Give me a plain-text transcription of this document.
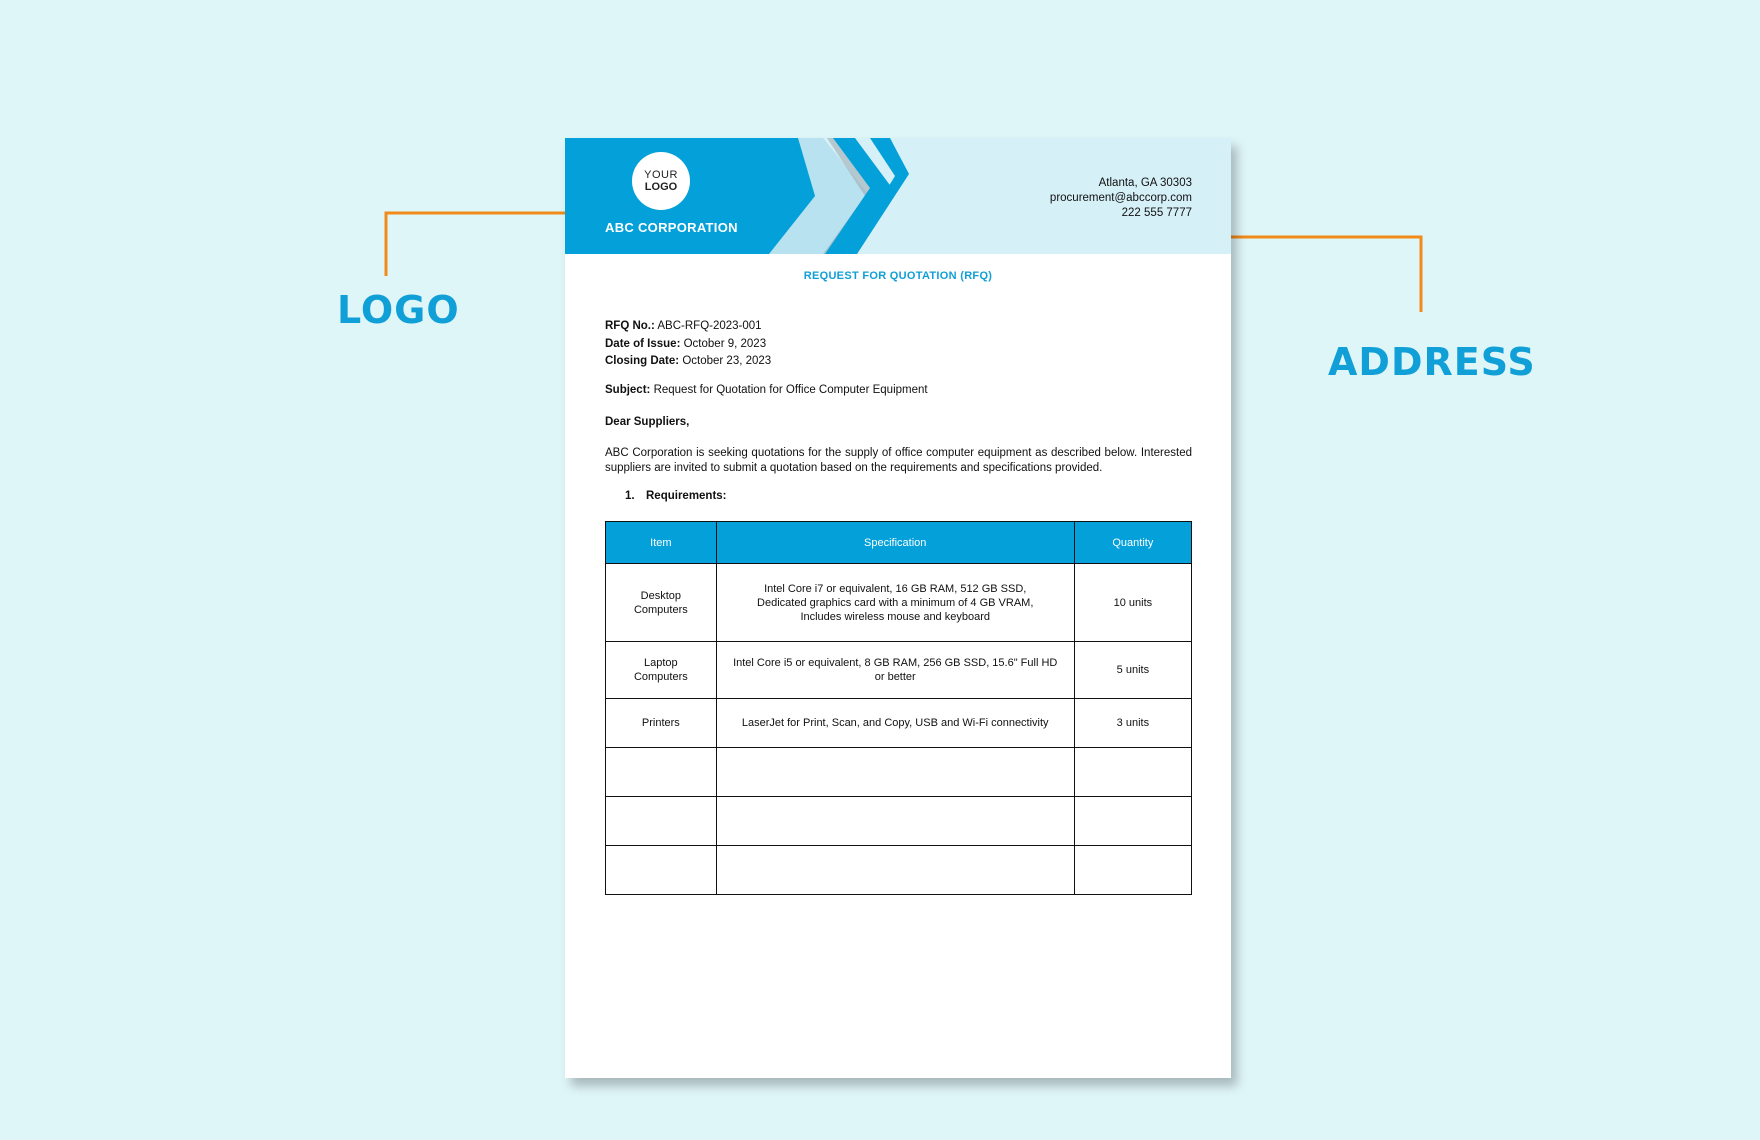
LOGO
ADDRESS
YOUR
LOGO
ABC CORPORATION
Atlanta, GA 30303
procurement@abccorp.com
222 555 7777
REQUEST FOR QUOTATION (RFQ)
RFQ No.: ABC-RFQ-2023-001
Date of Issue: October 9, 2023
Closing Date: October 23, 2023
Subject: Request for Quotation for Office Computer Equipment
Dear Suppliers,
ABC Corporation is seeking quotations for the supply of office computer equipment as described below. Interested suppliers are invited to submit a quotation based on the requirements and specifications provided.
1. Requirements:
Item	Specification	Quantity
Desktop Computers	Intel Core i7 or equivalent, 16 GB RAM, 512 GB SSD, Dedicated graphics card with a minimum of 4 GB VRAM, Includes wireless mouse and keyboard	10 units
Laptop Computers	Intel Core i5 or equivalent, 8 GB RAM, 256 GB SSD, 15.6" Full HD or better	5 units
Printers	LaserJet for Print, Scan, and Copy, USB and Wi-Fi connectivity	3 units
